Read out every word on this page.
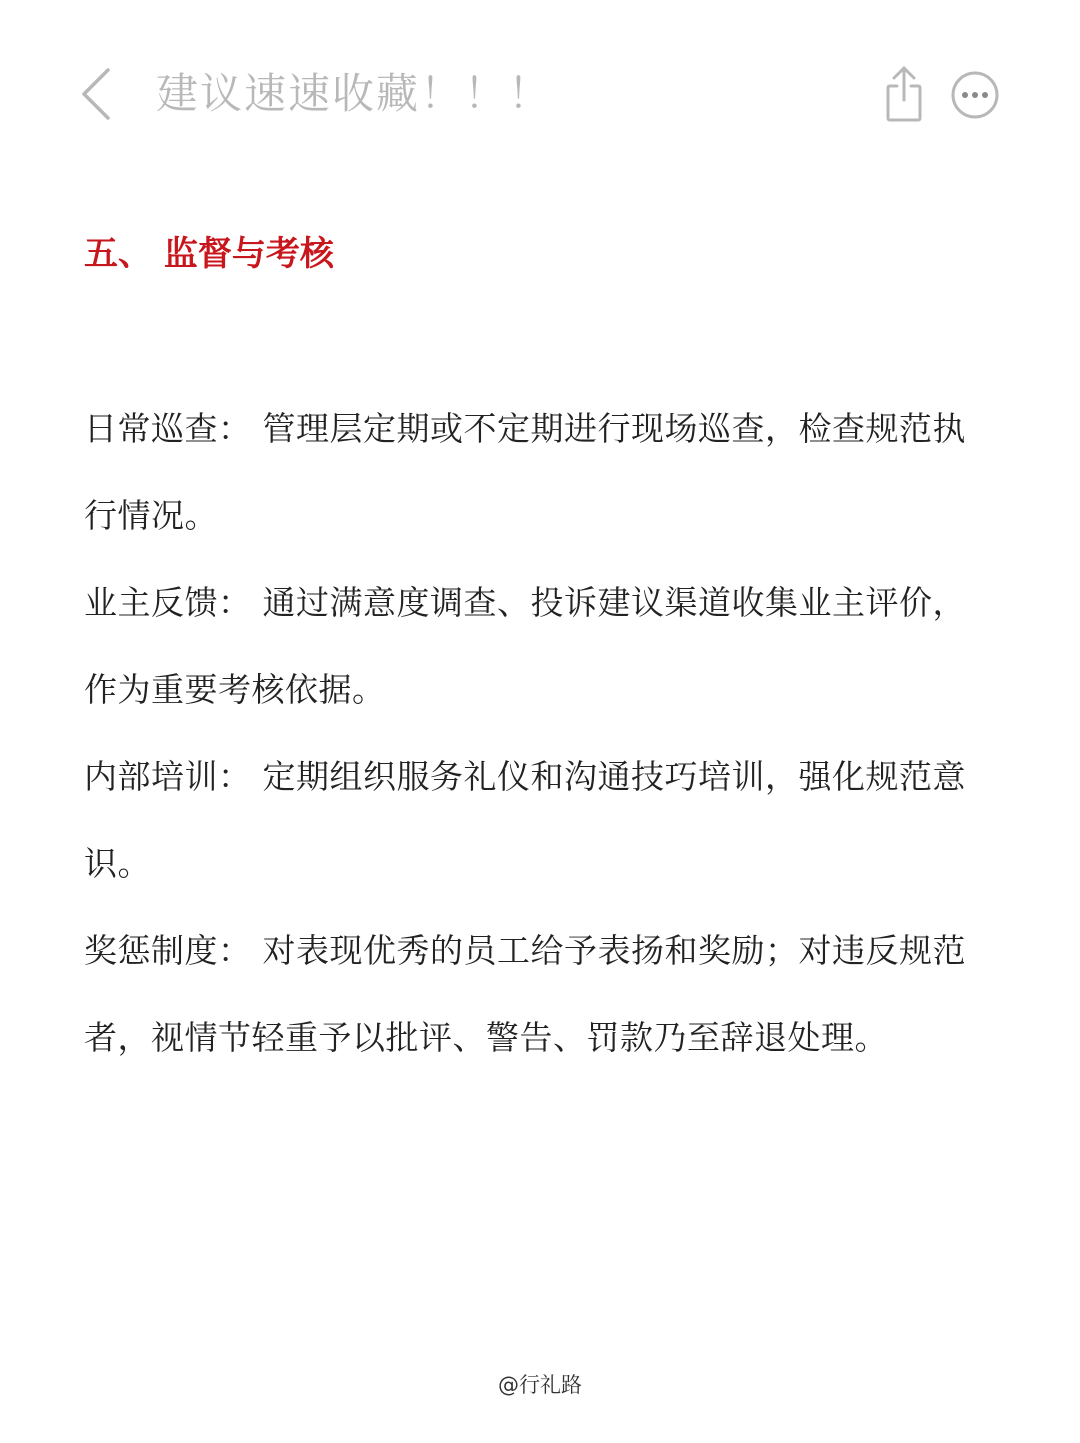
建议速速收藏！！！
五、 监督与考核

日常巡查： 管理层定期或不定期进行现场巡查，检查规范执行情况。

业主反馈： 通过满意度调查、投诉建议渠道收集业主评价，作为重要考核依据。

内部培训： 定期组织服务礼仪和沟通技巧培训，强化规范意识。

奖惩制度： 对表现优秀的员工给予表扬和奖励；对违反规范者，视情节轻重予以批评、警告、罚款乃至辞退处理。

@行礼路
